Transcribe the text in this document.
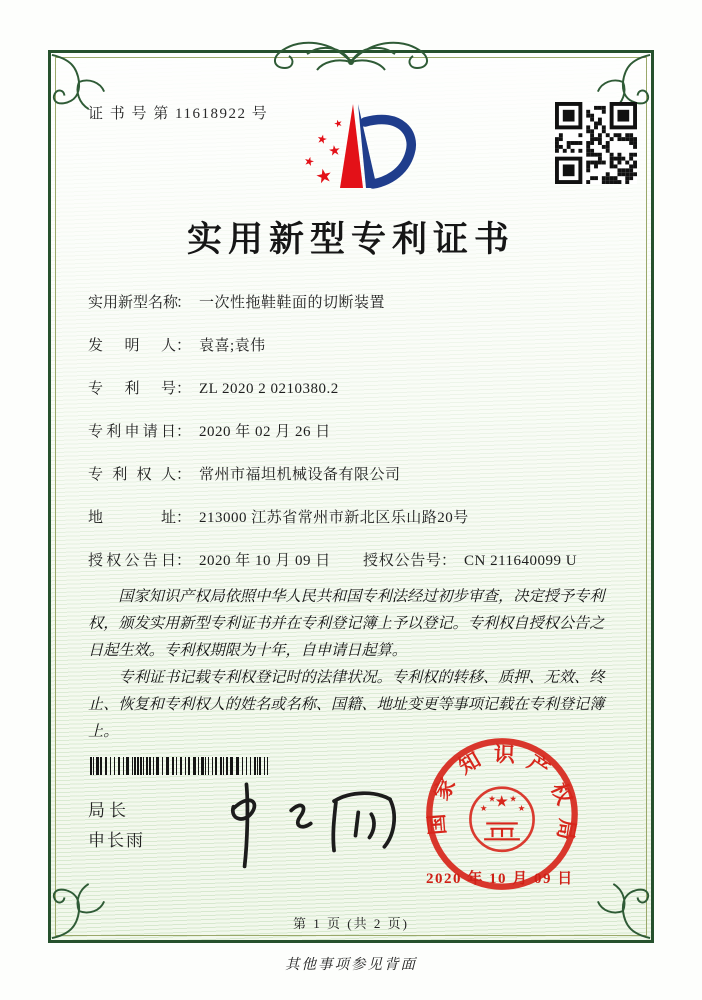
证 书 号 第 11618922 号
★
★
★
★
★
实用新型专利证书
实用新型名称： 一次性拖鞋鞋面的切断装置
发明人： 袁喜;袁伟
专利号： ZL 2020 2 0210380.2
专利申请日： 2020 年 02 月 26 日
专利权人： 常州市福坦机械设备有限公司
地址： 213000 江苏省常州市新北区乐山路20号
授权公告日： 2020 年 10 月 09 日 授权公告号： CN 211640099 U

国家知识产权局依照中华人民共和国专利法经过初步审查，决定授予专利权，颁发实用新型专利证书并在专利登记簿上予以登记。专利权自授权公告之日起生效。专利权期限为十年，自申请日起算。

专利证书记载专利权登记时的法律状况。专利权的转移、质押、无效、终止、恢复和专利权人的姓名或名称、国籍、地址变更等事项记载在专利登记簿上。

局长
申长雨
国家知识产权局
★
★
★ ★
★
2020 年 10 月 09 日
第 1 页 (共 2 页)
其他事项参见背面
